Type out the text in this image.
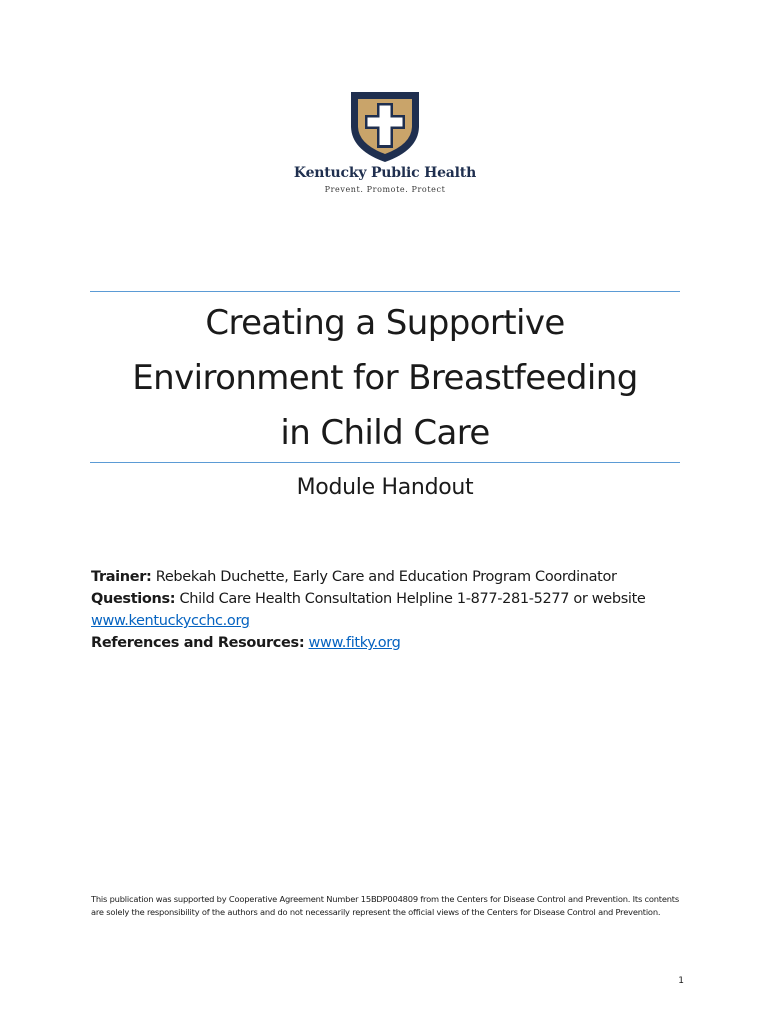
Kentucky Public Health
Prevent. Promote. Protect
Creating a Supportive
Environment for Breastfeeding
in Child Care
Module Handout
Trainer: Rebekah Duchette, Early Care and Education Program Coordinator
Questions: Child Care Health Consultation Helpline 1-877-281-5277 or website
www.kentuckycchc.org
References and Resources: www.fitky.org
This publication was supported by Cooperative Agreement Number 15BDP004809 from the Centers for Disease Control and Prevention. Its contents are solely the responsibility of the authors and do not necessarily represent the official views of the Centers for Disease Control and Prevention.
1
